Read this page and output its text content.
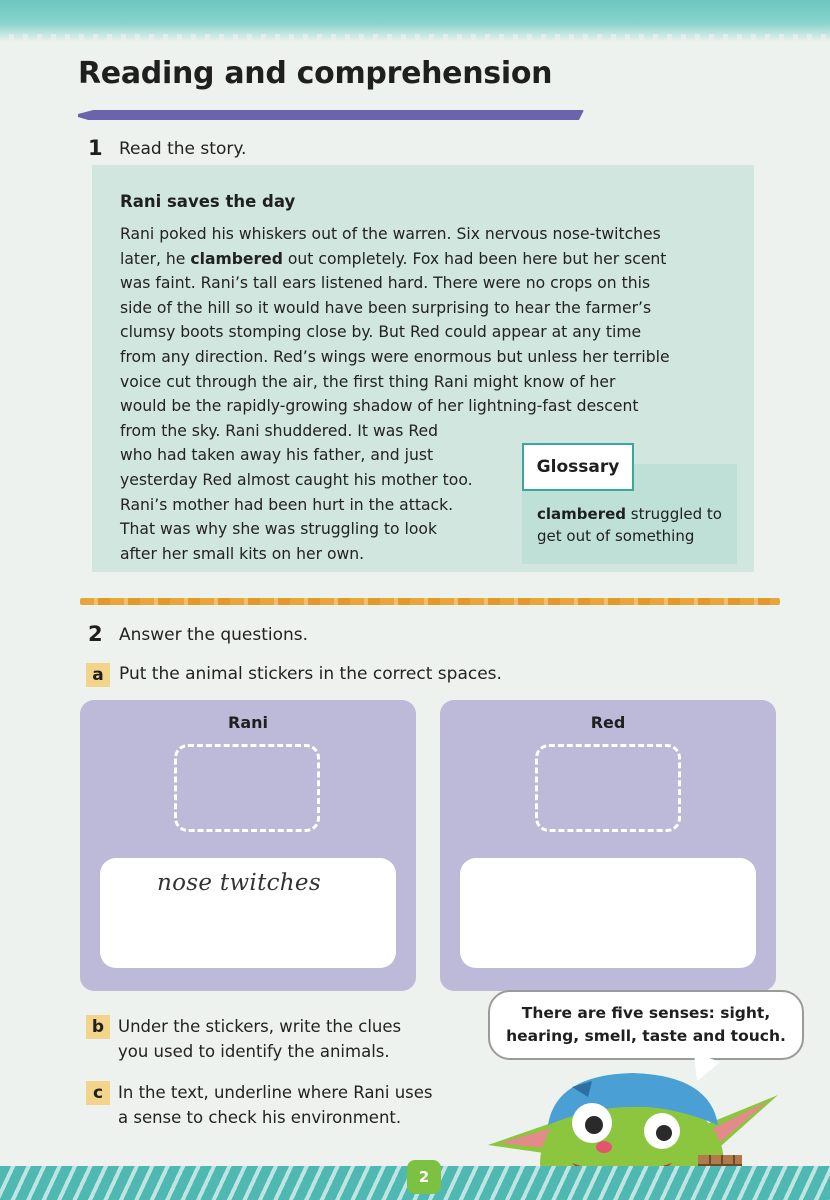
Reading and comprehension
1 Read the story.
Rani saves the day

Rani poked his whiskers out of the warren. Six nervous nose-twitches

later, he clambered out completely. Fox had been here but her scent

was faint. Rani’s tall ears listened hard. There were no crops on this

side of the hill so it would have been surprising to hear the farmer’s

clumsy boots stomping close by. But Red could appear at any time

from any direction. Red’s wings were enormous but unless her terrible

voice cut through the air, the first thing Rani might know of her

would be the rapidly-growing shadow of her lightning-fast descent

from the sky. Rani shuddered. It was Red

who had taken away his father, and just

yesterday Red almost caught his mother too.

Rani’s mother had been hurt in the attack.

That was why she was struggling to look

after her small kits on her own.

Glossary

clambered struggled to get out of something

2 Answer the questions.
a Put the animal stickers in the correct spaces.
Rani
nose twitches
Red
b Under the stickers, write the clues
you used to identify the animals.

c In the text, underline where Rani uses
a sense to check his environment.

There are five senses: sight,
hearing, smell, taste and touch.
2
